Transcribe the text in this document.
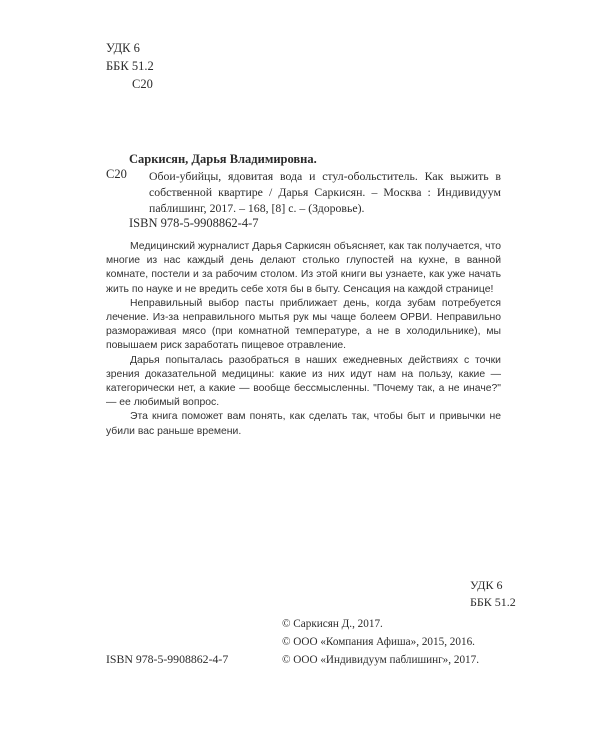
УДК 6
ББК 51.2
С20
Саркисян, Дарья Владимировна.
С20 Обои-убийцы, ядовитая вода и стул-обольститель. Как выжить в собственной квартире / Дарья Саркисян. – Москва : Индивидуум паблишинг, 2017. – 168, [8] с. – (Здоровье).
ISBN 978-5-9908862-4-7

Медицинский журналист Дарья Саркисян объясняет, как так получается, что многие из нас каждый день делают столько глупостей на кухне, в ванной комнате, постели и за рабочим столом. Из этой книги вы узнаете, как уже начать жить по науке и не вредить себе хотя бы в быту. Сенсация на каждой странице!

Неправильный выбор пасты приближает день, когда зубам потребуется лечение. Из-за неправильного мытья рук мы чаще болеем ОРВИ. Неправильно размораживая мясо (при комнатной температуре, а не в холодильнике), мы повышаем риск заработать пищевое отравление.

Дарья попыталась разобраться в наших ежедневных действиях с точки зрения доказательной медицины: какие из них идут нам на пользу, какие — категорически нет, а какие — вообще бессмысленны. "Почему так, а не иначе?" — ее любимый вопрос.

Эта книга поможет вам понять, как сделать так, чтобы быт и привычки не убили вас раньше времени.

УДК 6
ББК 51.2
ISBN 978-5-9908862-4-7
© Саркисян Д., 2017.
© ООО «Компания Афиша», 2015, 2016.
© ООО «Индивидуум паблишинг», 2017.
